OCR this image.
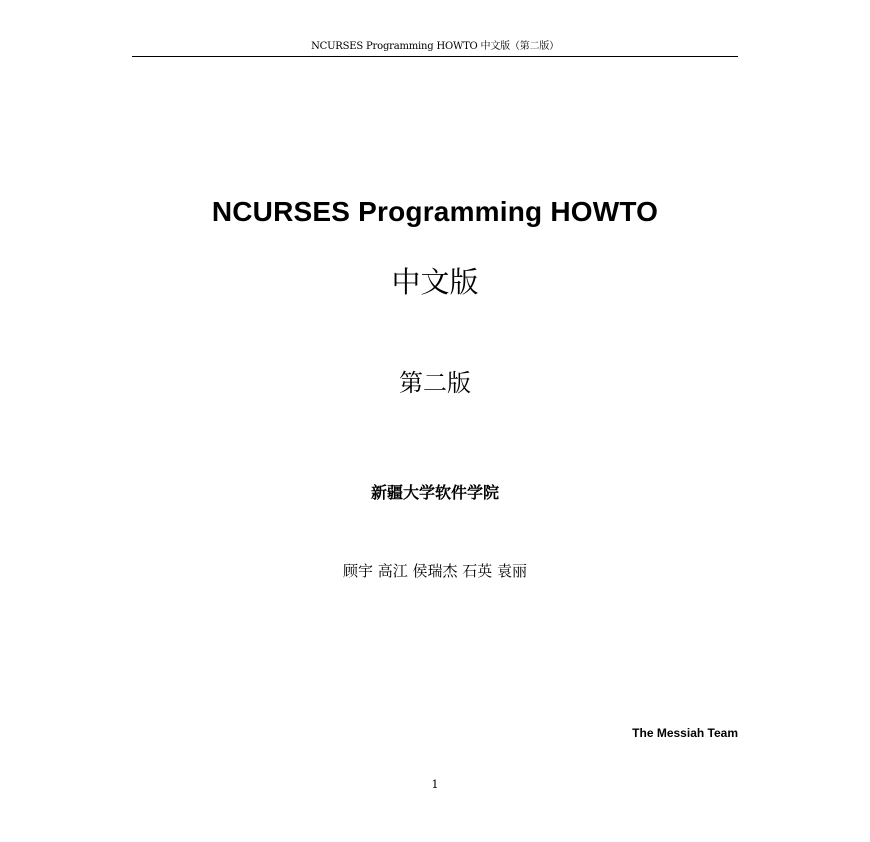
NCURSES Programming HOWTO 中文版（第二版）
NCURSES Programming HOWTO
中文版
第二版
新疆大学软件学院
顾宇 高江 侯瑞杰 石英 袁丽
The Messiah Team
1
